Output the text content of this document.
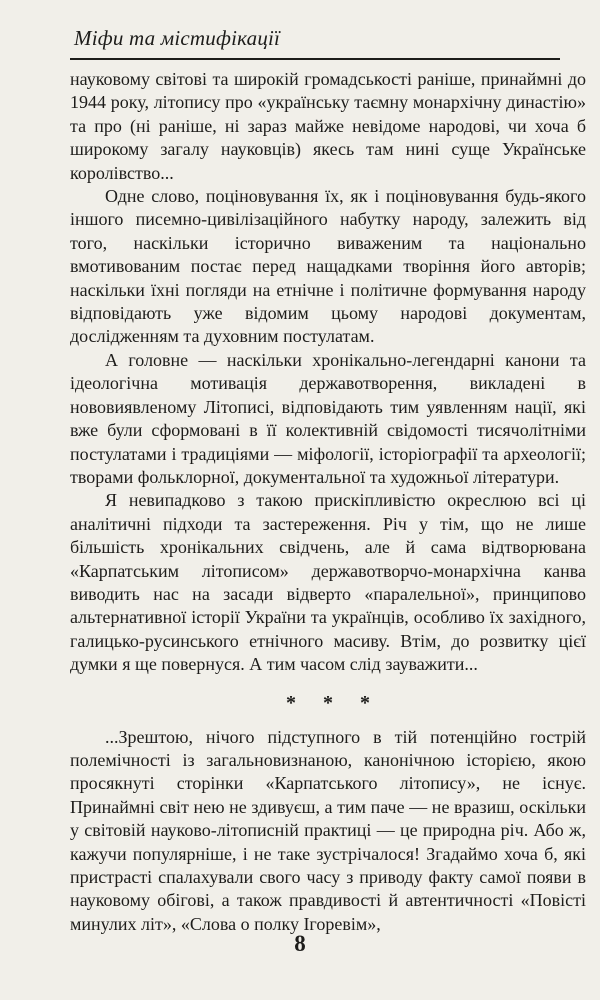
Міфи та містифікації

науковому світові та широкій громадськості раніше, принаймні до 1944 року, літопису про «українську таємну монархічну династію» та про (ні раніше, ні зараз майже невідоме народові, чи хоча б широкому загалу науковців) якесь там нині суще Українське королівство...

Одне слово, поціновування їх, як і поціновування будь-якого іншого писемно-цивілізаційного набутку народу, залежить від того, наскільки історично виваженим та національно вмотивованим постає перед нащадками творіння його авторів; наскільки їхні погляди на етнічне і політичне формування народу відповідають уже відомим цьому народові документам, дослідженням та духовним постулатам.

А головне — наскільки хронікально-легендарні канони та ідеологічна мотивація державотворення, викладені в нововиявленому Літописі, відповідають тим уявленням нації, які вже були сформовані в її колективній свідомості тисячолітніми постулатами і традиціями — міфології, історіографії та археології; творами фольклорної, документальної та художньої літератури.

Я невипадково з такою прискіпливістю окреслюю всі ці аналітичні підходи та застереження. Річ у тім, що не лише більшість хронікальних свідчень, але й сама відтворювана «Карпатським літописом» державотворчо-монархічна канва виводить нас на засади відверто «паралельної», принципово альтернативної історії України та українців, особливо їх західного, галицько-русинського етнічного масиву. Втім, до розвитку цієї думки я ще повернуся. А тим часом слід зауважити...

* * *

...Зрештою, нічого підступного в тій потенційно гострій полемічності із загальновизнаною, канонічною історією, якою просякнуті сторінки «Карпатського літопису», не існує. Принаймні світ нею не здивуєш, а тим паче — не вразиш, оскільки у світовій науково-літописній практиці — це природна річ. Або ж, кажучи популярніше, і не таке зустрічалося! Згадаймо хоча б, які пристрасті спалахували свого часу з приводу факту самої появи в науковому обігові, а також правдивості й автентичності «Повісті минулих літ», «Слова о полку Ігоревім»,

8
